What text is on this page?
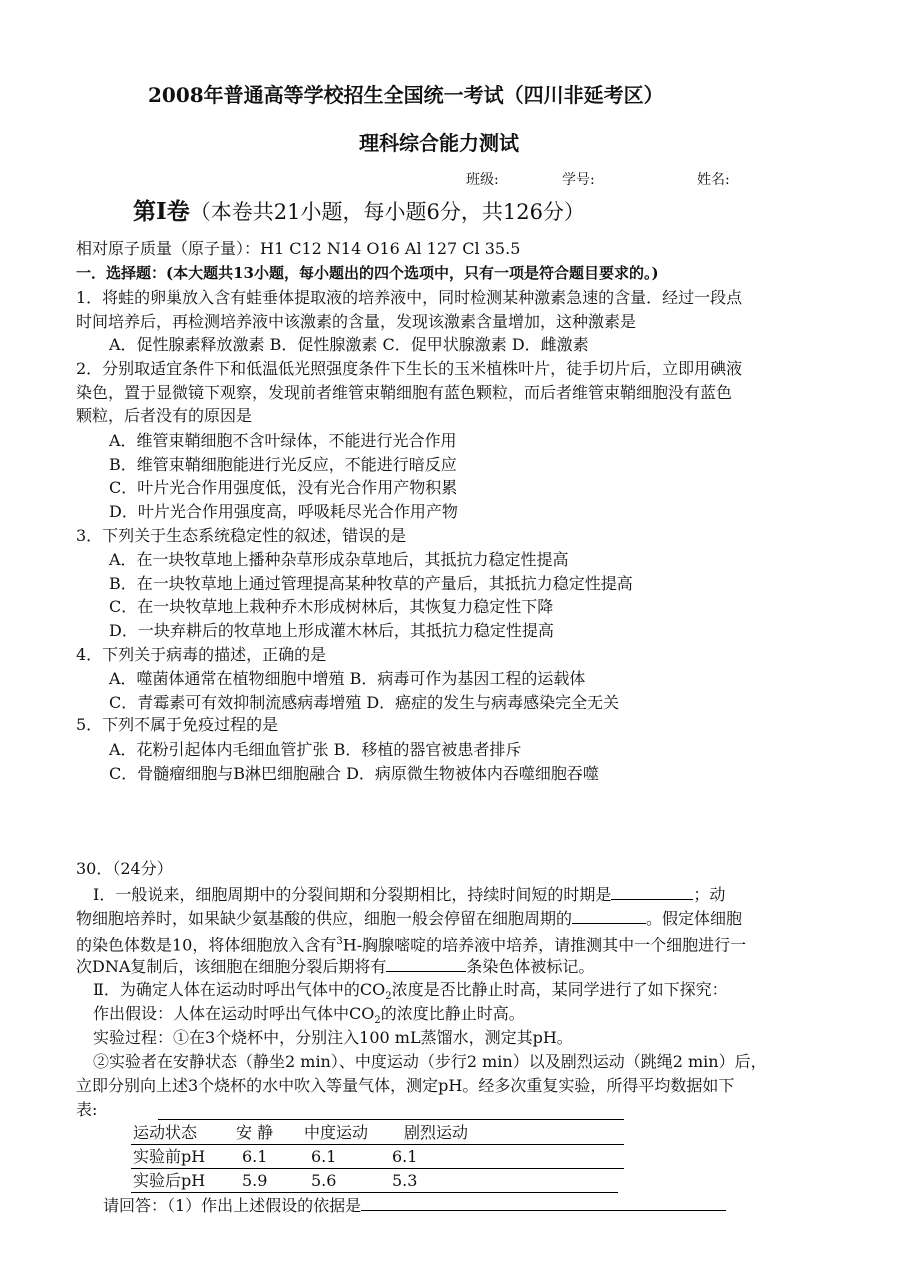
2008年普通高等学校招生全国统一考试（四川非延考区）
理科综合能力测试
班级:	学号:	姓名:
第Ⅰ卷（本卷共21小题，每小题6分，共126分）
相对原子质量（原子量）：H1 C12 N14 O16 Al 127 Cl 35.5
一．选择题：(本大题共13小题，每小题出的四个选项中，只有一项是符合题目要求的。)
1．将蛙的卵巢放入含有蛙垂体提取液的培养液中，同时检测某种激素急速的含量．经过一段点
时间培养后，再检测培养液中该激素的含量，发现该激素含量增加，这种激素是
A．促性腺素释放激素 B．促性腺激素 C．促甲状腺激素 D．雌激素
2．分别取适宜条件下和低温低光照强度条件下生长的玉米植株叶片，徒手切片后，立即用碘液
染色，置于显微镜下观察，发现前者维管束鞘细胞有蓝色颗粒，而后者维管束鞘细胞没有蓝色
颗粒，后者没有的原因是
A．维管束鞘细胞不含叶绿体，不能进行光合作用
B．维管束鞘细胞能进行光反应，不能进行暗反应
C．叶片光合作用强度低，没有光合作用产物积累
D．叶片光合作用强度高，呼吸耗尽光合作用产物
3．下列关于生态系统稳定性的叙述，错误的是
A．在一块牧草地上播种杂草形成杂草地后，其抵抗力稳定性提高
B．在一块牧草地上通过管理提高某种牧草的产量后，其抵抗力稳定性提高
C．在一块牧草地上栽种乔木形成树林后，其恢复力稳定性下降
D．一块弃耕后的牧草地上形成灌木林后，其抵抗力稳定性提高
4．下列关于病毒的描述，正确的是
A．噬菌体通常在植物细胞中增殖 B．病毒可作为基因工程的运载体
C．青霉素可有效抑制流感病毒增殖 D．癌症的发生与病毒感染完全无关
5．下列不属于免疫过程的是
A．花粉引起体内毛细血管扩张 B．移植的器官被患者排斥
C．骨髓瘤细胞与B淋巴细胞融合 D．病原微生物被体内吞噬细胞吞噬
30．（24分）
Ⅰ．一般说来，细胞周期中的分裂间期和分裂期相比，持续时间短的时期是	；动
物细胞培养时，如果缺少氨基酸的供应，细胞一般会停留在细胞周期的	。假定体细胞
的染色体数是10，将体细胞放入含有$^3$H-胸腺嘧啶的培养液中培养，请推测其中一个细胞进行一
次DNA复制后，该细胞在细胞分裂后期将有	条染色体被标记。
Ⅱ．为确定人体在运动时呼出气体中的$CO_2$浓度是否比静止时高，某同学进行了如下探究：
作出假设：人体在运动时呼出气体中$CO_2$的浓度比静止时高。
实验过程：①在3个烧杯中，分别注入100 mL蒸馏水，测定其pH。
②实验者在安静状态（静坐2 min）、中度运动（步行2 min）以及剧烈运动（跳绳2 min）后，
立即分别向上述3个烧杯的水中吹入等量气体，测定pH。经多次重复实验，所得平均数据如下
表:
运动状态 安 静 中度运动 剧烈运动
实验前pH 6.1	6.1	6.1
实验后pH 5.9	5.6	5.3
请回答：（1）作出上述假设的依据是
